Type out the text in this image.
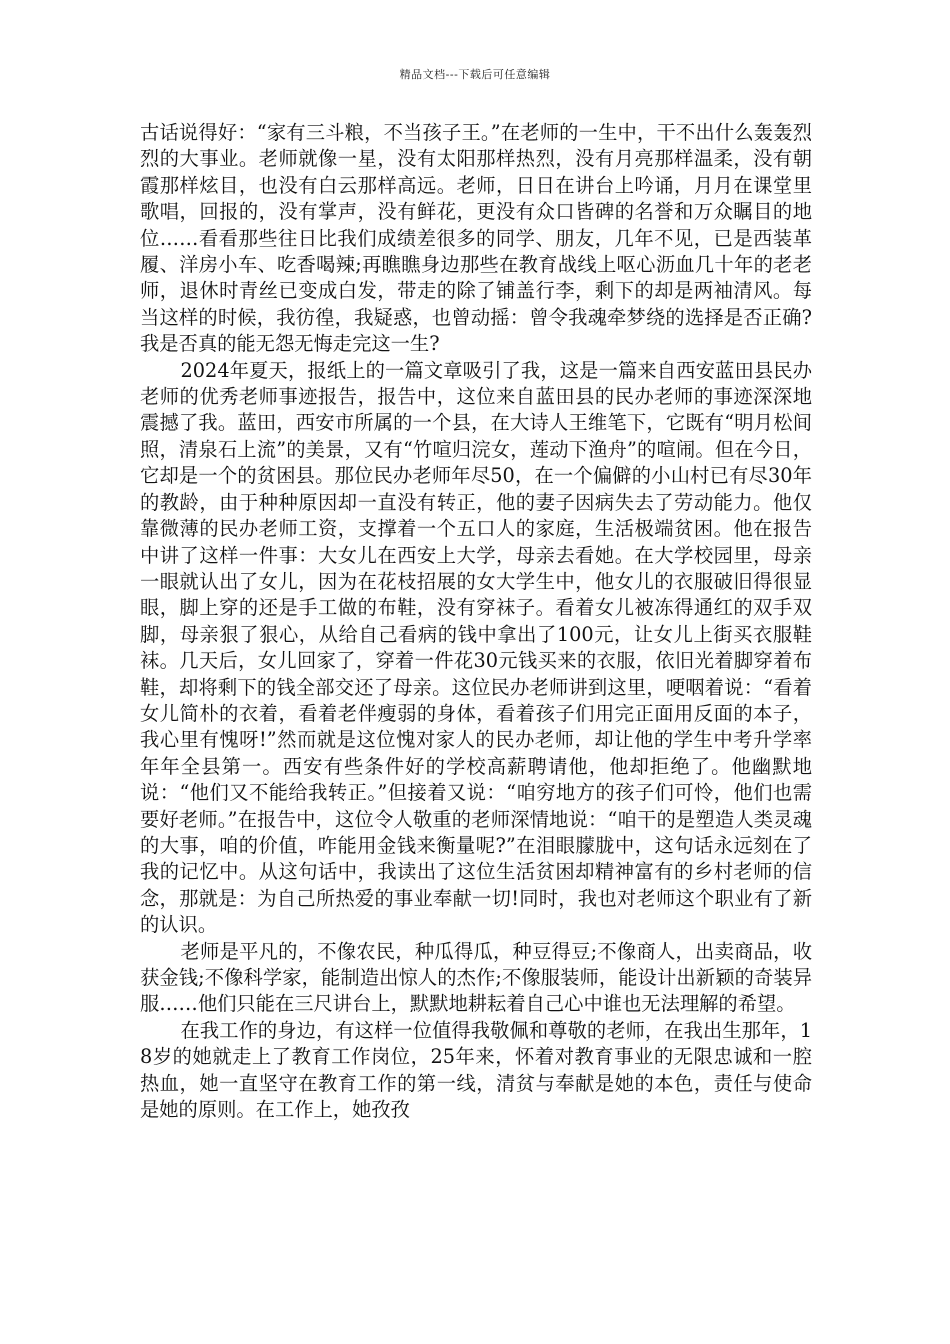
精品文档---下载后可任意编辑

古话说得好：“家有三斗粮，不当孩子王。”在老师的一生中，干不出什么轰轰烈烈的大事业。老师就像一星，没有太阳那样热烈，没有月亮那样温柔，没有朝霞那样炫目，也没有白云那样高远。老师，日日在讲台上吟诵，月月在课堂里歌唱，回报的，没有掌声，没有鲜花，更没有众口皆碑的名誉和万众瞩目的地位……看看那些往日比我们成绩差很多的同学、朋友，几年不见，已是西装革履、洋房小车、吃香喝辣;再瞧瞧身边那些在教育战线上呕心沥血几十年的老老师，退休时青丝已变成白发，带走的除了铺盖行李，剩下的却是两袖清风。每当这样的时候，我彷徨，我疑惑，也曾动摇：曾令我魂牵梦绕的选择是否正确?我是否真的能无怨无悔走完这一生?

2024年夏天，报纸上的一篇文章吸引了我，这是一篇来自西安蓝田县民办老师的优秀老师事迹报告，报告中，这位来自蓝田县的民办老师的事迹深深地震撼了我。蓝田，西安市所属的一个县，在大诗人王维笔下，它既有“明月松间照，清泉石上流”的美景，又有“竹喧归浣女，莲动下渔舟”的喧闹。但在今日，它却是一个的贫困县。那位民办老师年尽50，在一个偏僻的小山村已有尽30年的教龄，由于种种原因却一直没有转正，他的妻子因病失去了劳动能力。他仅靠微薄的民办老师工资，支撑着一个五口人的家庭，生活极端贫困。他在报告中讲了这样一件事：大女儿在西安上大学，母亲去看她。在大学校园里，母亲一眼就认出了女儿，因为在花枝招展的女大学生中，他女儿的衣服破旧得很显眼，脚上穿的还是手工做的布鞋，没有穿袜子。看着女儿被冻得通红的双手双脚，母亲狠了狠心，从给自己看病的钱中拿出了100元，让女儿上街买衣服鞋袜。几天后，女儿回家了，穿着一件花30元钱买来的衣服，依旧光着脚穿着布鞋，却将剩下的钱全部交还了母亲。这位民办老师讲到这里，哽咽着说：“看着女儿简朴的衣着，看着老伴瘦弱的身体，看着孩子们用完正面用反面的本子，我心里有愧呀!”然而就是这位愧对家人的民办老师，却让他的学生中考升学率年年全县第一。西安有些条件好的学校高薪聘请他，他却拒绝了。他幽默地说：“他们又不能给我转正。”但接着又说：“咱穷地方的孩子们可怜，他们也需要好老师。”在报告中，这位令人敬重的老师深情地说：“咱干的是塑造人类灵魂的大事，咱的价值，咋能用金钱来衡量呢?”在泪眼朦胧中，这句话永远刻在了我的记忆中。从这句话中，我读出了这位生活贫困却精神富有的乡村老师的信念，那就是：为自己所热爱的事业奉献一切!同时，我也对老师这个职业有了新的认识。

老师是平凡的，不像农民，种瓜得瓜，种豆得豆;不像商人，出卖商品，收获金钱;不像科学家，能制造出惊人的杰作;不像服装师，能设计出新颖的奇装异服……他们只能在三尺讲台上，默默地耕耘着自己心中谁也无法理解的希望。

在我工作的身边，有这样一位值得我敬佩和尊敬的老师，在我出生那年，18岁的她就走上了教育工作岗位，25年来，怀着对教育事业的无限忠诚和一腔热血，她一直坚守在教育工作的第一线，清贫与奉献是她的本色，责任与使命是她的原则。在工作上，她孜孜
